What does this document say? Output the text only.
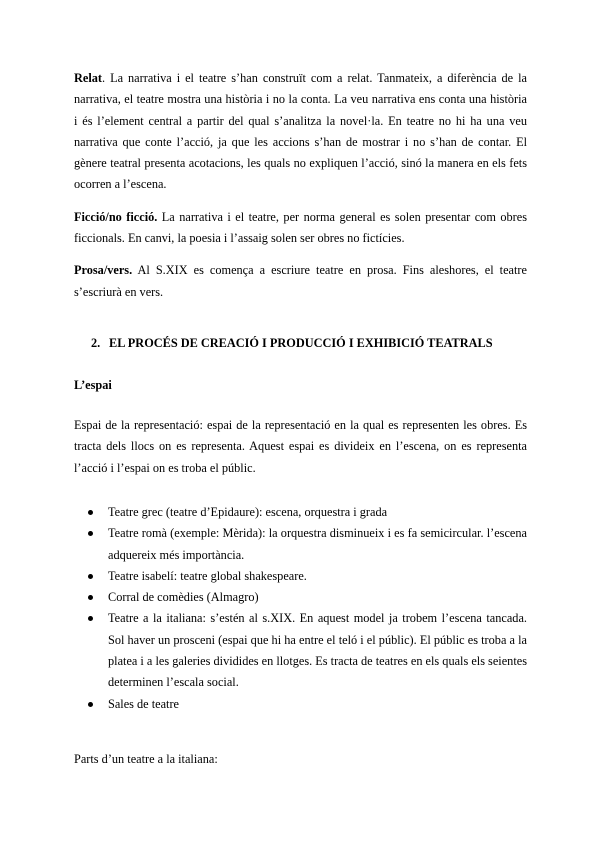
Relat. La narrativa i el teatre s’han construït com a relat. Tanmateix, a diferència de la narrativa, el teatre mostra una història i no la conta. La veu narrativa ens conta una història i és l’element central a partir del qual s’analitza la novel·la. En teatre no hi ha una veu narrativa que conte l’acció, ja que les accions s’han de mostrar i no s’han de contar. El gènere teatral presenta acotacions, les quals no expliquen l’acció, sinó la manera en els fets ocorren a l’escena.

Ficció/no ficció. La narrativa i el teatre, per norma general es solen presentar com obres ficcionals. En canvi, la poesia i l’assaig solen ser obres no fictícies.

Prosa/vers. Al S.XIX es comença a escriure teatre en prosa. Fins aleshores, el teatre s’escriurà en vers.

2. EL PROCÉS DE CREACIÓ I PRODUCCIÓ I EXHIBICIÓ TEATRALS
L’espai

Espai de la representació: espai de la representació en la qual es representen les obres. Es tracta dels llocs on es representa. Aquest espai es divideix en l’escena, on es representa l’acció i l’espai on es troba el públic.

Teatre grec (teatre d’Epidaure): escena, orquestra i grada
Teatre romà (exemple: Mèrida): la orquestra disminueix i es fa semicircular. l’escena adquereix més importància.
Teatre isabelí: teatre global shakespeare.
Corral de comèdies (Almagro)
Teatre a la italiana: s’estén al s.XIX. En aquest model ja trobem l’escena tancada. Sol haver un prosceni (espai que hi ha entre el teló i el públic). El públic es troba a la platea i a les galeries dividides en llotges. Es tracta de teatres en els quals els seientes determinen l’escala social.
Sales de teatre
Parts d’un teatre a la italiana:
